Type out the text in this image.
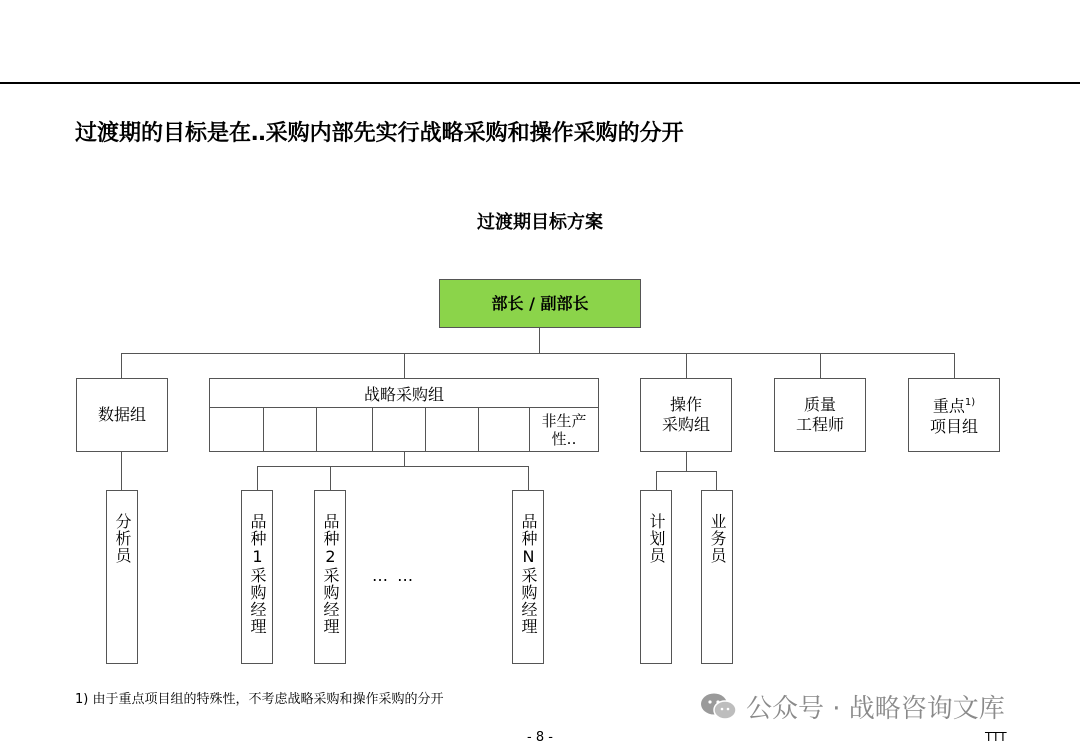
过渡期的目标是在‥采购内部先实行战略采购和操作采购的分开
过渡期目标方案
部长 / 副部长
数据组
战略采购组
非生产
性‥
操作
采购组
质量
工程师
重点$^{1)}$
项目组
分析员	品种1采购经理	品种2采购经理 … …	品种N采购经理	计划员	业务员
1) 由于重点项目组的特殊性，不考虑战略采购和操作采购的分开	公众号 · 战略咨询文库
- 8 -	TTT
